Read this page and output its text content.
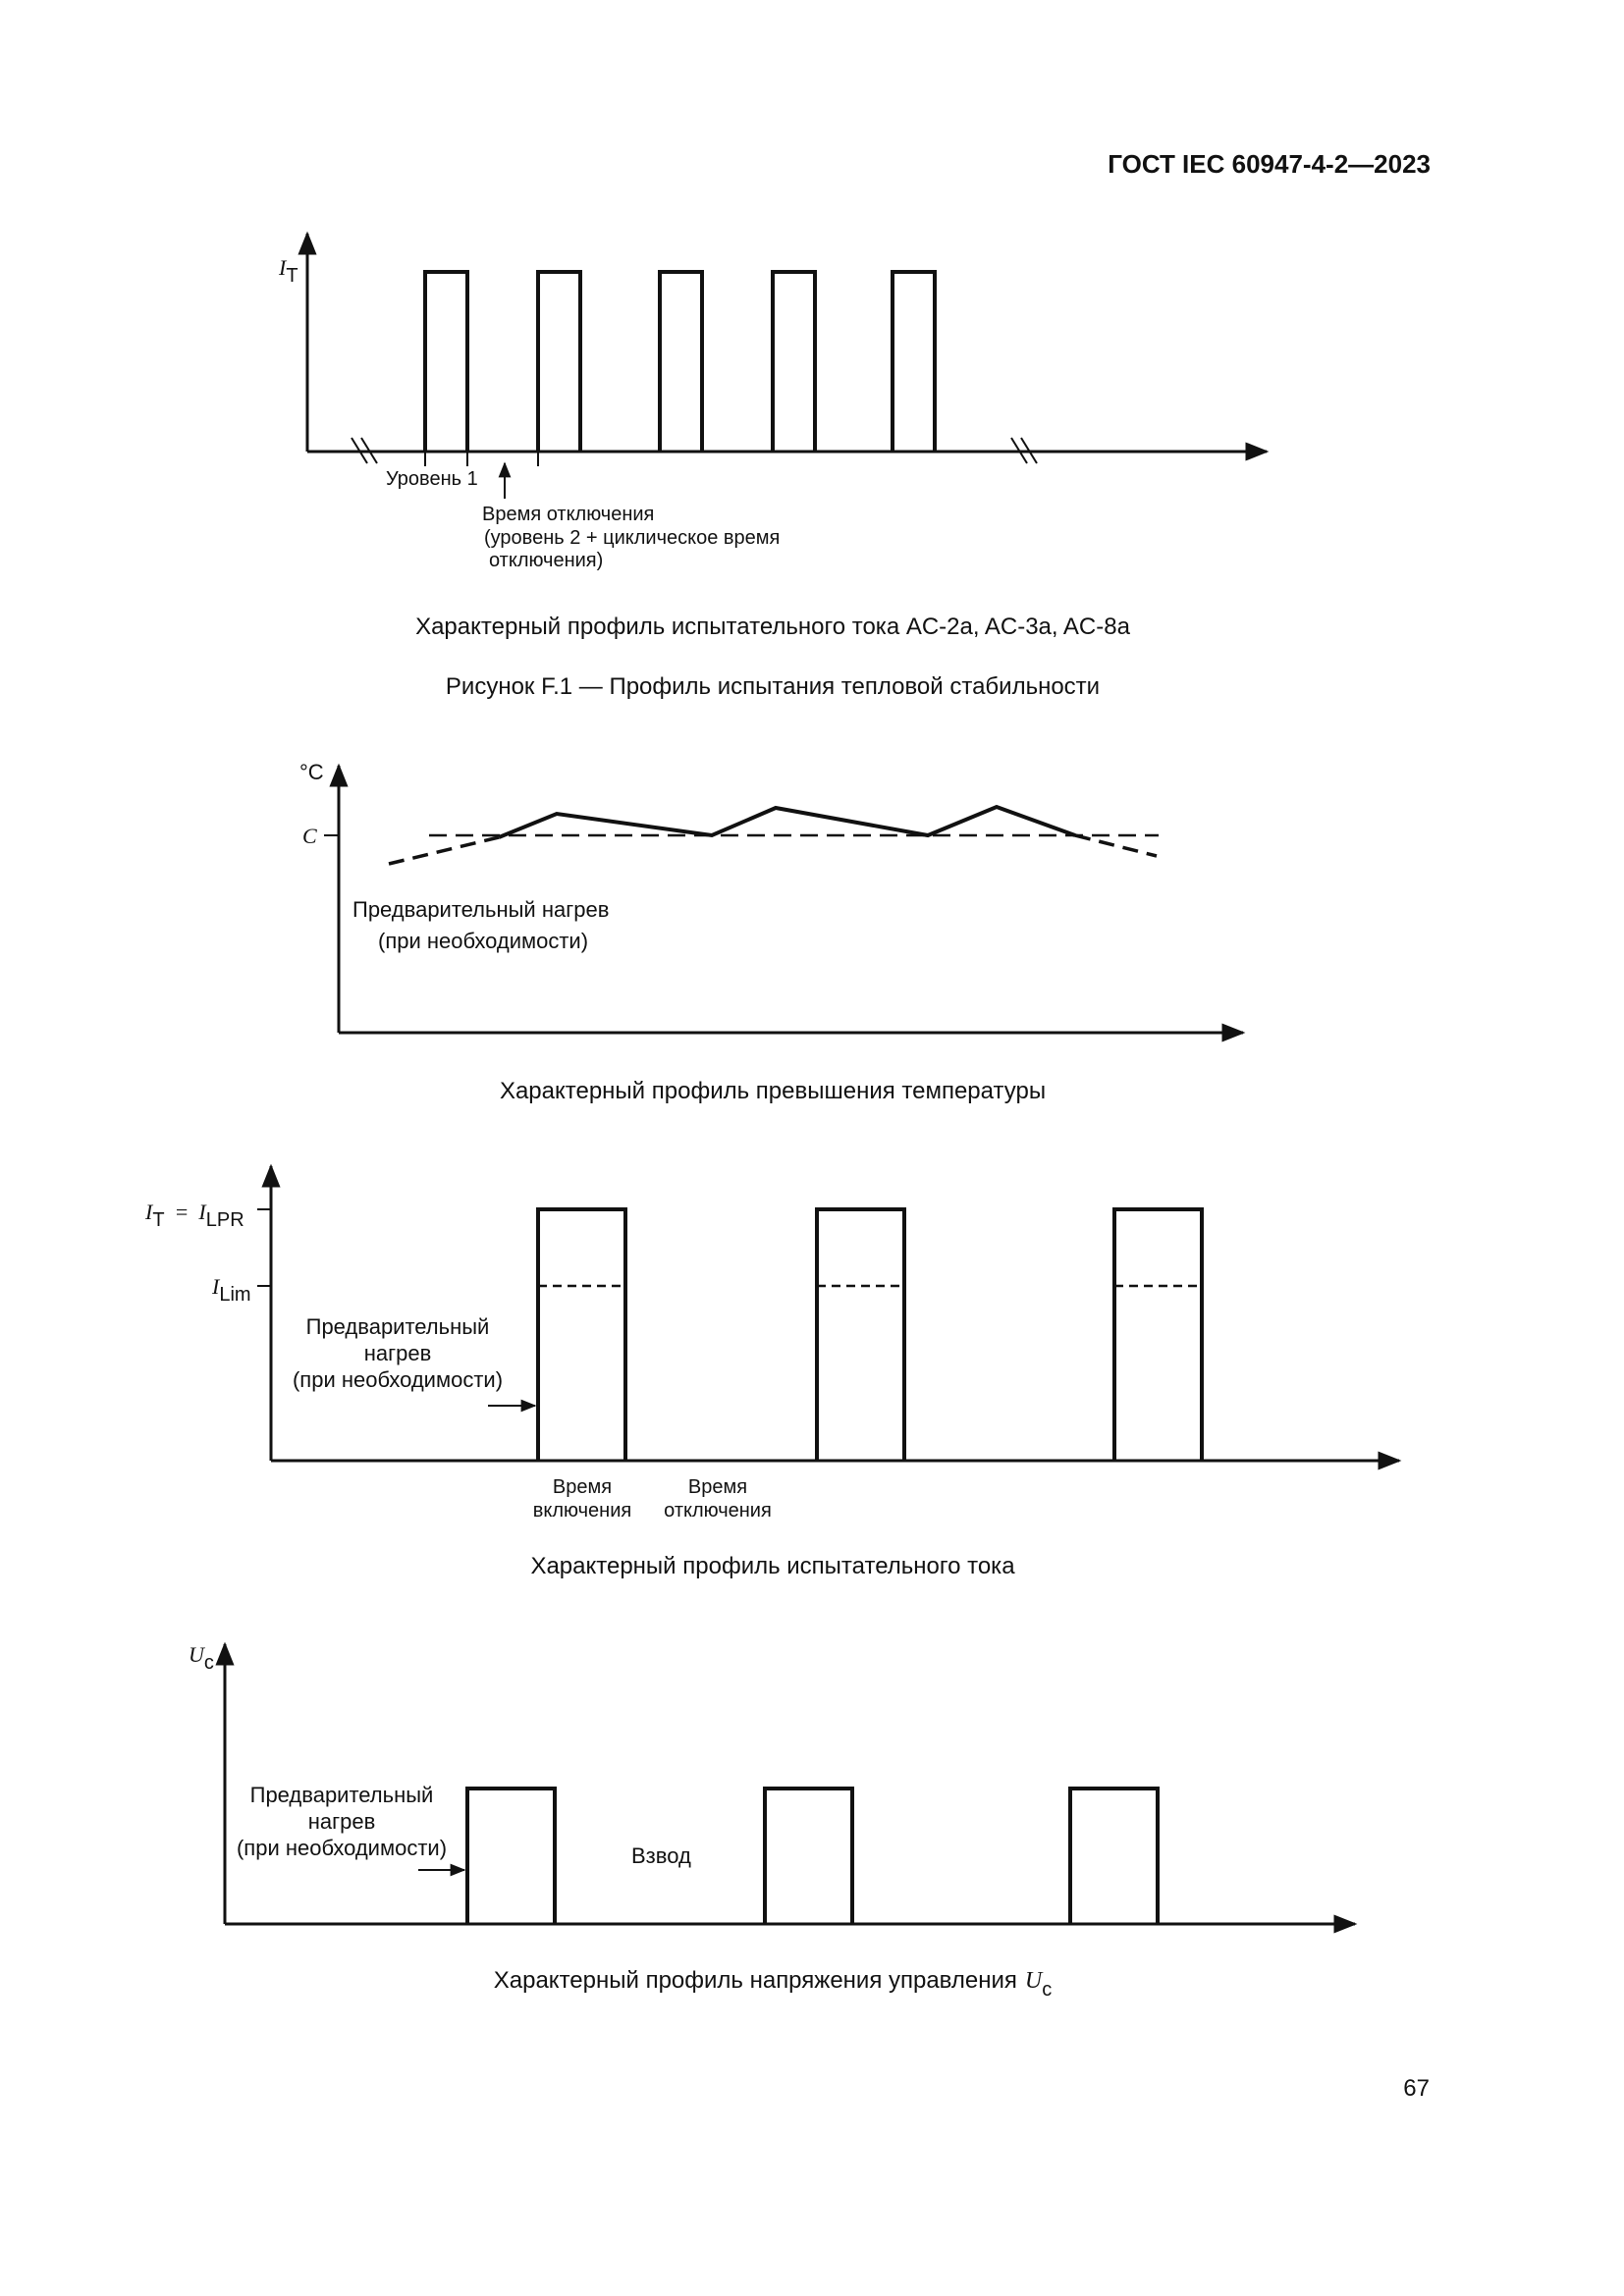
ГОСТ IEC 60947-4-2—2023
IT
Уровень 1
Время отключения
(уровень 2 + циклическое время
отключения)
Характерный профиль испытательного тока AC-2a, AC-3a, AC-8a
Рисунок F.1 — Профиль испытания тепловой стабильности
°C
C
Предварительный нагрев
(при необходимости)
Характерный профиль превышения температуры
IT = ILPR
ILim
Предварительный
нагрев
(при необходимости)
Время
включения
Время
отключения
Характерный профиль испытательного тока
Uc
Предварительный
нагрев
(при необходимости)	Взвод
Характерный профиль напряжения управления $U_c$
67
